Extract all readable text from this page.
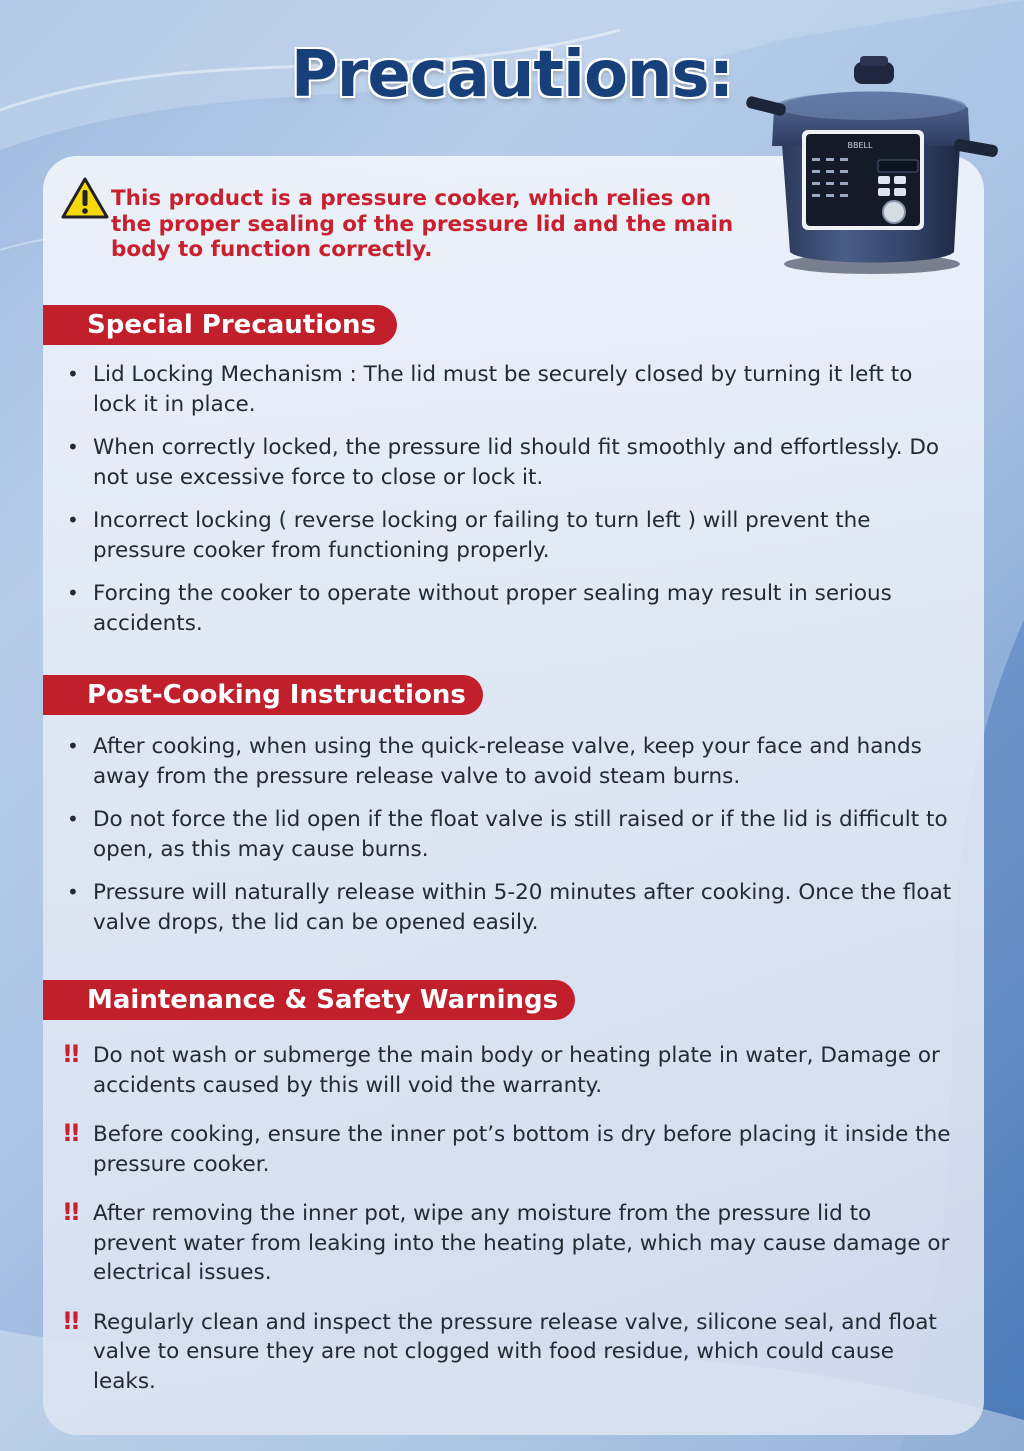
Precautions:
BBELL
This product is a pressure cooker, which relies on the proper sealing of the pressure lid and the main body to function correctly.
Special Precautions
• Lid Locking Mechanism : The lid must be securely closed by turning it left to lock it in place.
• When correctly locked, the pressure lid should fit smoothly and effortlessly. Do not use excessive force to close or lock it.
• Incorrect locking ( reverse locking or failing to turn left ) will prevent the pressure cooker from functioning properly.
• Forcing the cooker to operate without proper sealing may result in serious accidents.
Post-Cooking Instructions
• After cooking, when using the quick-release valve, keep your face and hands away from the pressure release valve to avoid steam burns.
• Do not force the lid open if the float valve is still raised or if the lid is difficult to open, as this may cause burns.
• Pressure will naturally release within 5-20 minutes after cooking. Once the float valve drops, the lid can be opened easily.
Maintenance & Safety Warnings
!! Do not wash or submerge the main body or heating plate in water, Damage or accidents caused by this will void the warranty.
!! Before cooking, ensure the inner pot’s bottom is dry before placing it inside the pressure cooker.
!! After removing the inner pot, wipe any moisture from the pressure lid to prevent water from leaking into the heating plate, which may cause damage or electrical issues.
!! Regularly clean and inspect the pressure release valve, silicone seal, and float valve to ensure they are not clogged with food residue, which could cause leaks.
